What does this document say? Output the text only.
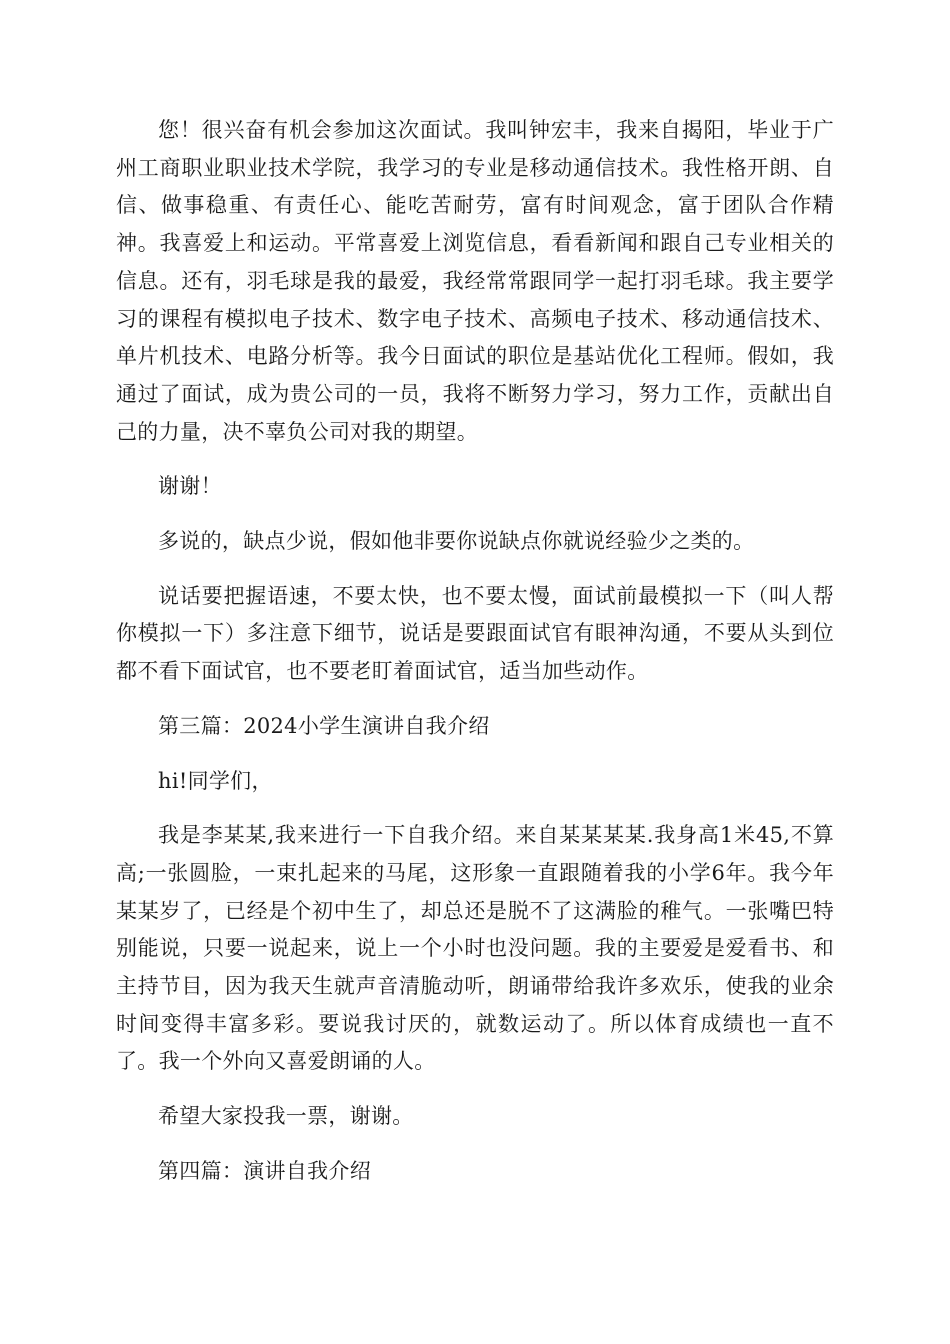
您！很兴奋有机会参加这次面试。我叫钟宏丰，我来自揭阳，毕业于广州工商职业职业技术学院，我学习的专业是移动通信技术。我性格开朗、自信、做事稳重、有责任心、能吃苦耐劳，富有时间观念，富于团队合作精神。我喜爱上和运动。平常喜爱上浏览信息，看看新闻和跟自己专业相关的信息。还有，羽毛球是我的最爱，我经常常跟同学一起打羽毛球。我主要学习的课程有模拟电子技术、数字电子技术、高频电子技术、移动通信技术、单片机技术、电路分析等。我今日面试的职位是基站优化工程师。假如，我通过了面试，成为贵公司的一员，我将不断努力学习，努力工作，贡献出自己的力量，决不辜负公司对我的期望。

谢谢！

多说的，缺点少说，假如他非要你说缺点你就说经验少之类的。

说话要把握语速，不要太快，也不要太慢，面试前最模拟一下（叫人帮你模拟一下）多注意下细节，说话是要跟面试官有眼神沟通，不要从头到位都不看下面试官，也不要老盯着面试官，适当加些动作。

第三篇：2024小学生演讲自我介绍

hi!同学们，

我是李某某,我来进行一下自我介绍。来自某某某某.我身高1米45,不算高;一张圆脸，一束扎起来的马尾，这形象一直跟随着我的小学6年。我今年某某岁了，已经是个初中生了，却总还是脱不了这满脸的稚气。一张嘴巴特别能说，只要一说起来，说上一个小时也没问题。我的主要爱是爱看书、和主持节目，因为我天生就声音清脆动听，朗诵带给我许多欢乐，使我的业余时间变得丰富多彩。要说我讨厌的，就数运动了。所以体育成绩也一直不了。我一个外向又喜爱朗诵的人。

希望大家投我一票，谢谢。

第四篇：演讲自我介绍
